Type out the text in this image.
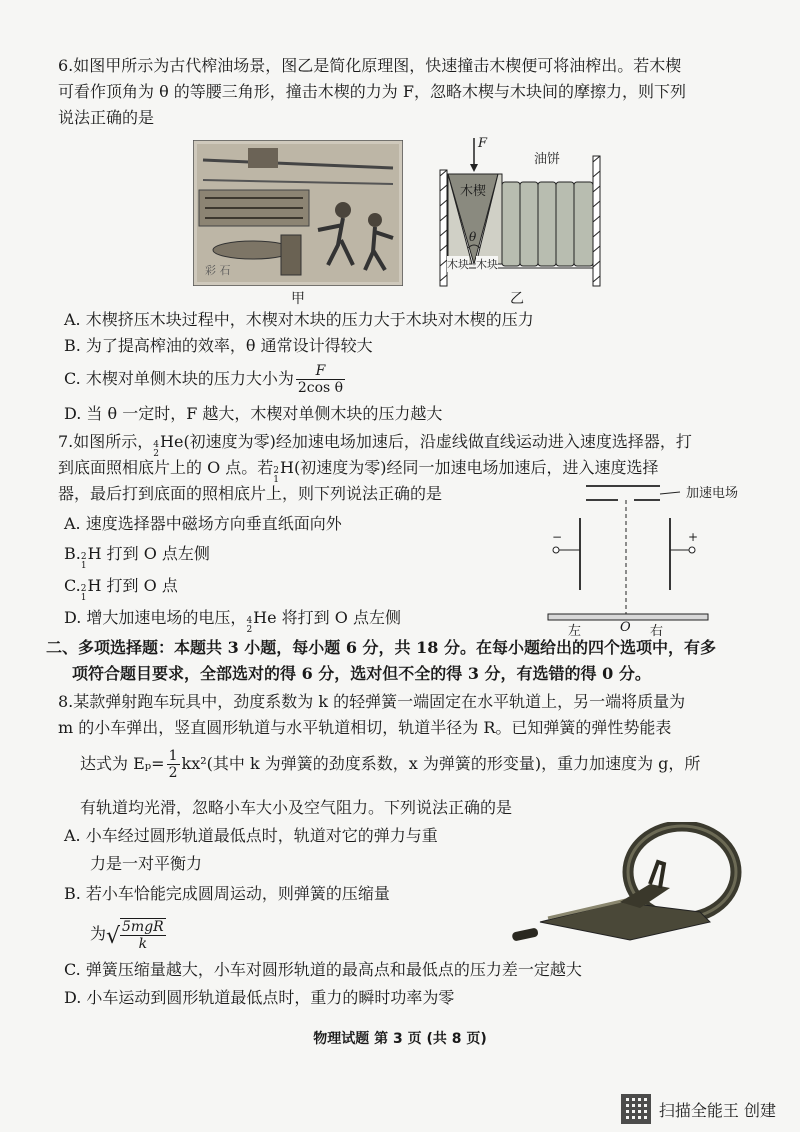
6.如图甲所示为古代榨油场景，图乙是简化原理图，快速撞击木楔便可将油榨出。若木楔
可看作顶角为 θ 的等腰三角形，撞击木楔的力为 F，忽略木楔与木块间的摩擦力，则下列
说法正确的是
彩 石
甲
F
油饼
木楔
θ
木块 木块
乙
A. 木楔挤压木块过程中，木楔对木块的压力大于木块对木楔的压力
B. 为了提高榨油的效率，θ 通常设计得较大
C. 木楔对单侧木块的压力大小为 $\frac{F}{\text{2cos θ}}$
D. 当 θ 一定时，F 越大，木楔对单侧木块的压力越大
7.如图所示， 4
2
He(初速度为零)经加速电场加速后，沿虚线做直线运动进入速度选择器，打
到底面照相底片上的 O 点。若 2
1
H(初速度为零)经同一加速电场加速后，进入速度选择
器，最后打到底面的照相底片上，则下列说法正确的是
A. 速度选择器中磁场方向垂直纸面向外
B. 2
1
H 打到 O 点左侧
C. 2
1
H 打到 O 点
D. 增大加速电场的电压， 4
2
He 将打到 O 点左侧
加速电场
−	+
左	O 右
二、多项选择题：本题共 3 小题，每小题 6 分，共 18 分。在每小题给出的四个选项中，有多
项符合题目要求，全部选对的得 6 分，选对但不全的得 3 分，有选错的得 0 分。
8.某款弹射跑车玩具中，劲度系数为 k 的轻弹簧一端固定在水平轨道上，另一端将质量为
m 的小车弹出，竖直圆形轨道与水平轨道相切，轨道半径为 R。已知弹簧的弹性势能表
达式为 $E_p= \frac{1}{2} kx^2$(其中 k 为弹簧的劲度系数，x 为弹簧的形变量)，重力加速度为 g，所
有轨道均光滑，忽略小车大小及空气阻力。下列说法正确的是
A. 小车经过圆形轨道最低点时，轨道对它的弹力与重
力是一对平衡力
B. 若小车恰能完成圆周运动，则弹簧的压缩量
为
√ $\frac{\text{5mgR}}{k}$
C. 弹簧压缩量越大，小车对圆形轨道的最高点和最低点的压力差一定越大
D. 小车运动到圆形轨道最低点时，重力的瞬时功率为零
物理试题 第 3 页 (共 8 页)
扫描全能王 创建
